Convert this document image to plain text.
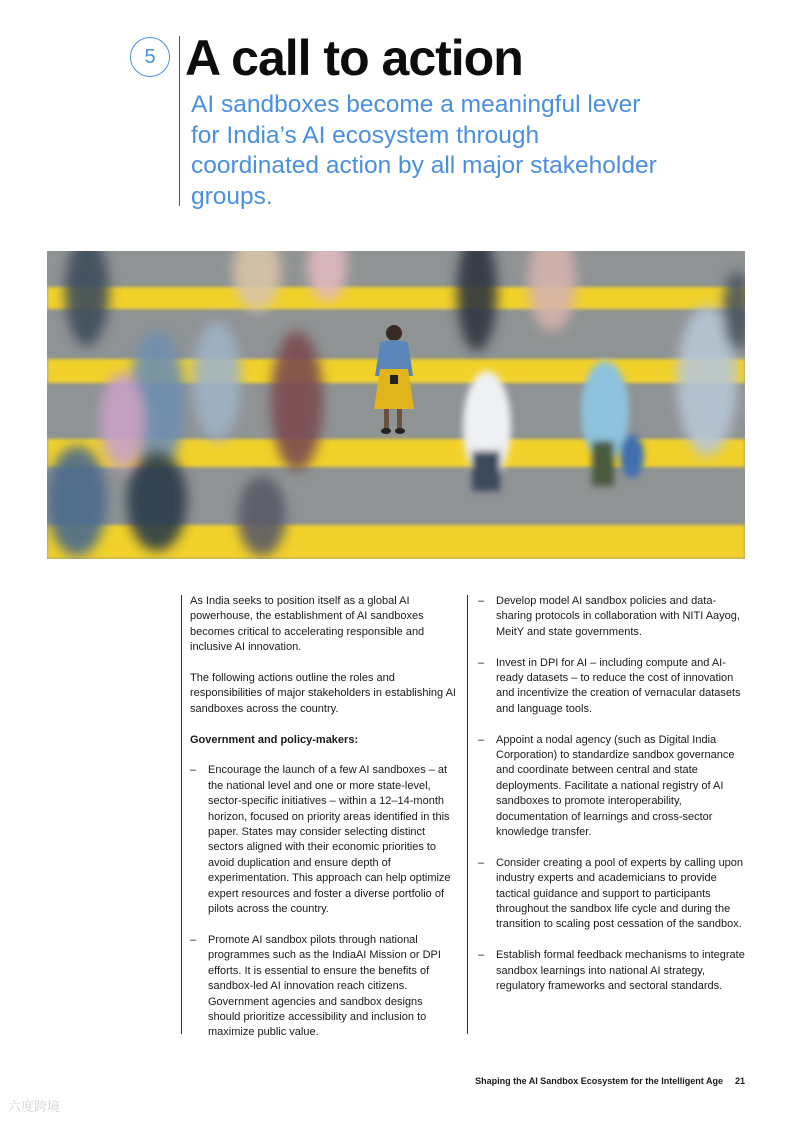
5 A call to action
AI sandboxes become a meaningful lever for India’s AI ecosystem through coordinated action by all major stakeholder groups.

As India seeks to position itself as a global AI powerhouse, the establishment of AI sandboxes becomes critical to accelerating responsible and inclusive AI innovation.

The following actions outline the roles and responsibilities of major stakeholders in establishing AI sandboxes across the country.

Government and policy-makers:
– Encourage the launch of a few AI sandboxes – at the national level and one or more state-level, sector-specific initiatives – within a 12–14-month horizon, focused on priority areas identified in this paper. States may consider selecting distinct sectors aligned with their economic priorities to avoid duplication and ensure depth of experimentation. This approach can help optimize expert resources and foster a diverse portfolio of pilots across the country.
– Promote AI sandbox pilots through national programmes such as the IndiaAI Mission or DPI efforts. It is essential to ensure the benefits of sandbox-led AI innovation reach citizens. Government agencies and sandbox designs should prioritize accessibility and inclusion to maximize public value.
– Develop model AI sandbox policies and data-sharing protocols in collaboration with NITI Aayog, MeitY and state governments.
– Invest in DPI for AI – including compute and AI-ready datasets – to reduce the cost of innovation and incentivize the creation of vernacular datasets and language tools.
– Appoint a nodal agency (such as Digital India Corporation) to standardize sandbox governance and coordinate between central and state deployments. Facilitate a national registry of AI sandboxes to promote interoperability, documentation of learnings and cross-sector knowledge transfer.
– Consider creating a pool of experts by calling upon industry experts and academicians to provide tactical guidance and support to participants throughout the sandbox life cycle and during the transition to scaling post cessation of the sandbox.
– Establish formal feedback mechanisms to integrate sandbox learnings into national AI strategy, regulatory frameworks and sectoral standards.
Shaping the AI Sandbox Ecosystem for the Intelligent Age 21
六度跨境
